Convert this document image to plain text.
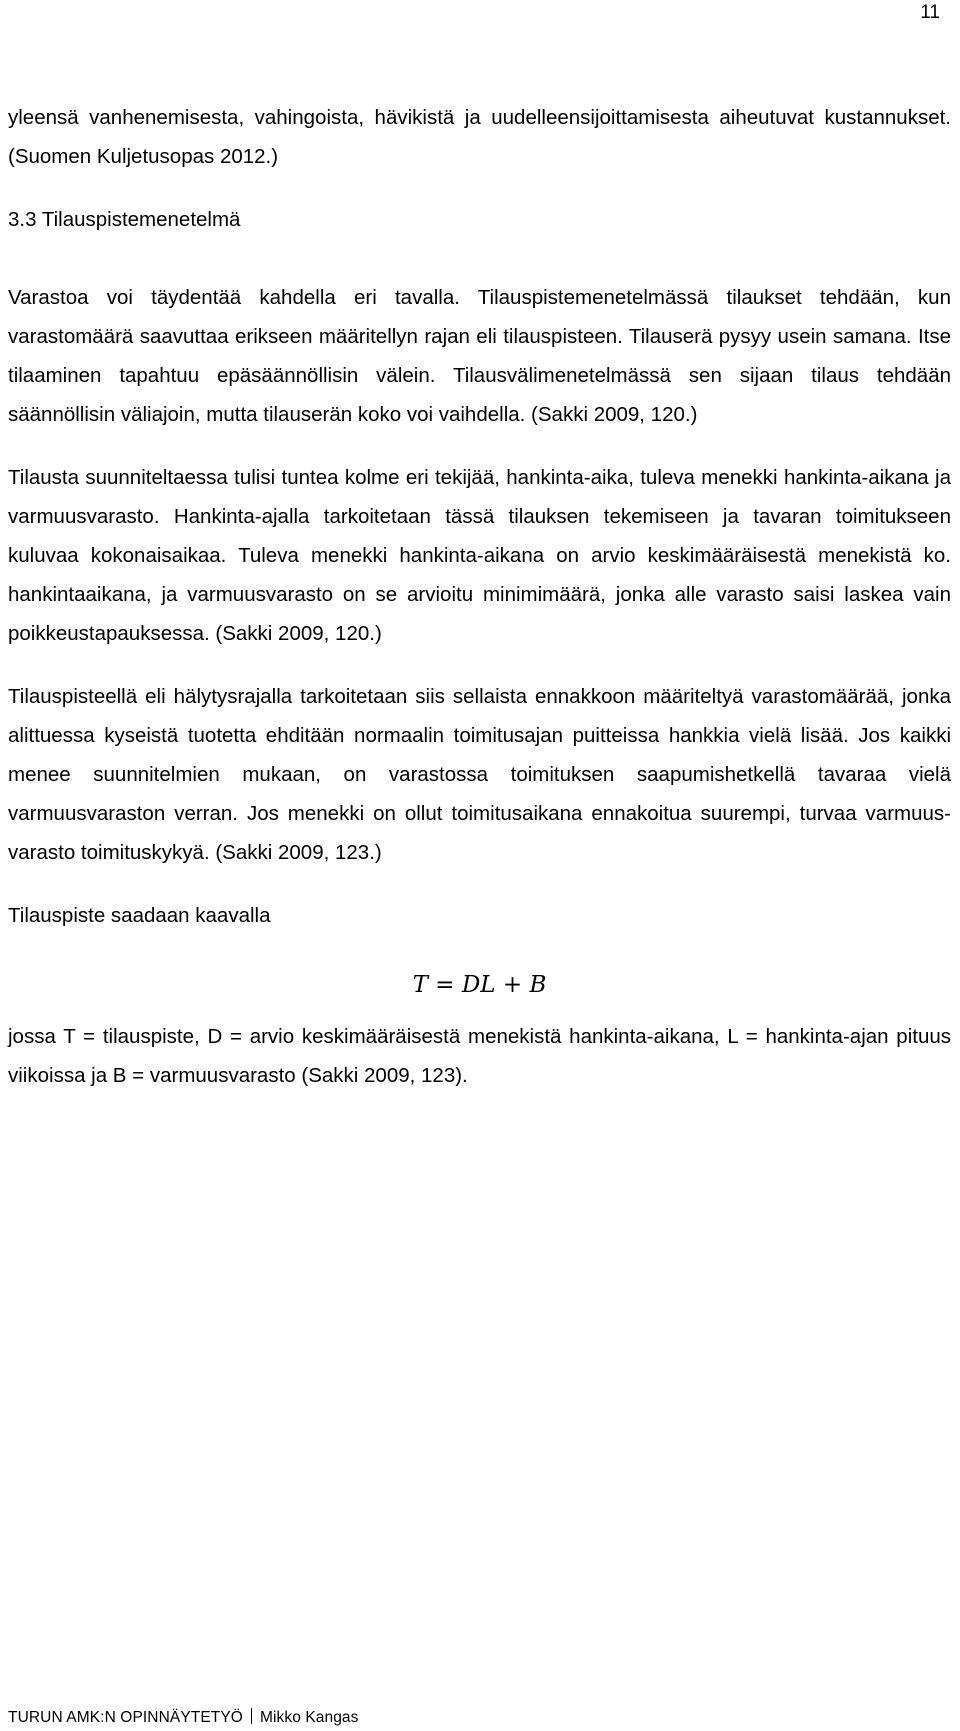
11

yleensä vanhenemisesta, vahingoista, hävikistä ja uudelleensijoittamisesta aiheutuvat kustannukset. (Suomen Kuljetusopas 2012.)

3.3 Tilauspistemenetelmä

Varastoa voi täydentää kahdella eri tavalla. Tilauspistemenetelmässä tilaukset tehdään, kun varastomäärä saavuttaa erikseen määritellyn rajan eli tilauspisteen. Tilauserä pysyy usein samana. Itse tilaaminen tapahtuu epäsäännöllisin välein. Tilausvälimenetelmässä sen sijaan tilaus tehdään säännöllisin väliajoin, mutta tilauserän koko voi vaihdella. (Sakki 2009, 120.)

Tilausta suunniteltaessa tulisi tuntea kolme eri tekijää, hankinta-aika, tuleva menekki hankinta-aikana ja varmuusvarasto. Hankinta-ajalla tarkoitetaan tässä tilauksen tekemiseen ja tavaran toimitukseen kuluvaa kokonaisaikaa. Tuleva menekki hankinta-aikana on arvio keskimääräisestä menekistä ko. hankintaaikana, ja varmuusvarasto on se arvioitu minimimäärä, jonka alle varasto saisi laskea vain poikkeustapauksessa. (Sakki 2009, 120.)

Tilauspisteellä eli hälytysrajalla tarkoitetaan siis sellaista ennakkoon määriteltyä varastomäärää, jonka alittuessa kyseistä tuotetta ehditään normaalin toimitusajan puitteissa hankkia vielä lisää. Jos kaikki menee suunnitelmien mukaan, on varastossa toimituksen saapumishetkellä tavaraa vielä varmuusvaraston verran. Jos menekki on ollut toimitusaikana ennakoitua suurempi, turvaa varmuusvarasto toimituskykyä. (Sakki 2009, 123.)

Tilauspiste saadaan kaavalla

T = DL + B

jossa T = tilauspiste, D = arvio keskimääräisestä menekistä hankinta-aikana, L = hankinta-ajan pituus viikoissa ja B = varmuusvarasto (Sakki 2009, 123).

TURUN AMK:N OPINNÄYTETYÖ Mikko Kangas
